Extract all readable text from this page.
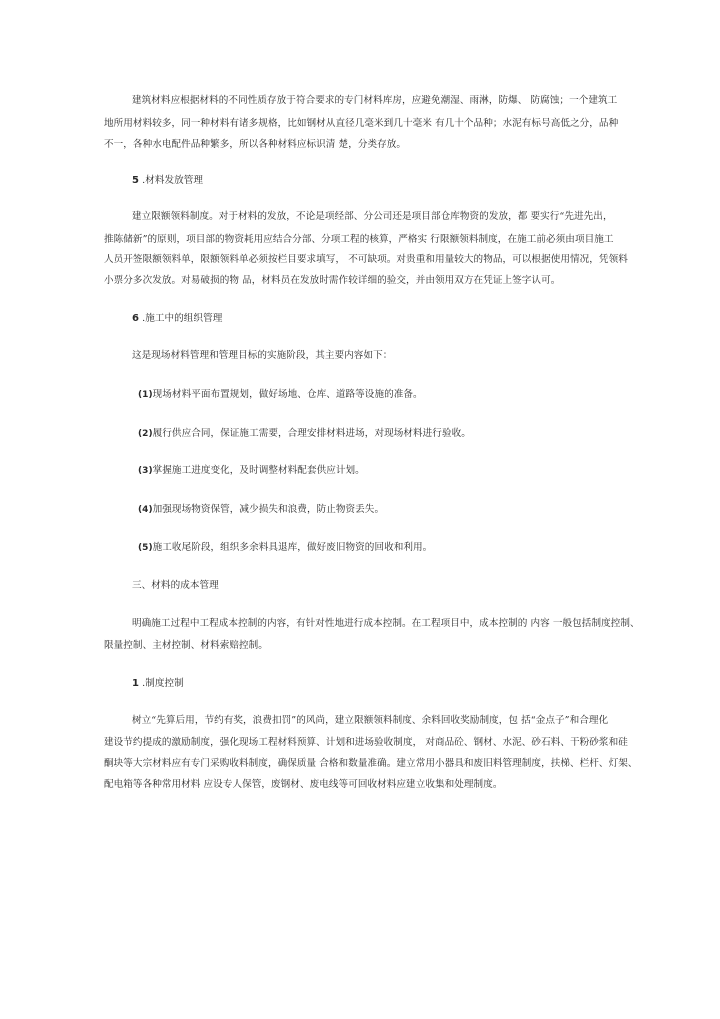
建筑材料应根据材料的不同性质存放于符合要求的专门材料库房，应避免潮湿、雨淋，防爆、 防腐蚀；一个建筑工
地所用材料较多，同一种材料有诸多规格，比如钢材从直径几毫米到几十毫米 有几十个品种；水泥有标号高低之分，品种
不一，各种水电配件品种繁多，所以各种材料应标识清 楚，分类存放。
5 .材料发放管理
建立限额领料制度。对于材料的发放，不论是项经部、分公司还是项目部仓库物资的发放，都 要实行“先进先出，
推陈储新”的原则，项目部的物资耗用应结合分部、分项工程的核算，严格实 行限额领料制度，在施工前必须由项目施工
人员开签限额领料单，限额领料单必须按栏目要求填写， 不可缺项。对贵重和用量较大的物品，可以根据使用情况，凭领料
小票分多次发放。对易破损的物 品，材料员在发放时需作较详细的验交，并由领用双方在凭证上签字认可。
6 .施工中的组织管理
这是现场材料管理和管理目标的实施阶段，其主要内容如下：
(1)现场材料平面布置规划，做好场地、仓库、道路等设施的准备。
(2)履行供应合同，保证施工需要，合理安排材料进场，对现场材料进行验收。
(3)掌握施工进度变化，及时调整材料配套供应计划。
(4)加强现场物资保管，减少损失和浪费，防止物资丢失。
(5)施工收尾阶段，组织多余料具退库，做好废旧物资的回收和利用。
三、材料的成本管理
明确施工过程中工程成本控制的内容，有针对性地进行成本控制。在工程项目中，成本控制的 内容 一般包括制度控制、
限量控制、主材控制、材料索赔控制。
1 .制度控制
树立“先算后用，节约有奖，浪费扣罚”的风尚，建立限额领料制度、余料回收奖励制度，包 括“金点子”和合理化
建设节约提成的激励制度，强化现场工程材料预算、计划和进场验收制度， 对商品砼、钢材、水泥、砂石料、干粉砂浆和硅
酮块等大宗材料应有专门采购收料制度，确保质量 合格和数量准确。建立常用小器具和废旧料管理制度，扶梯、栏杆、灯架、
配电箱等各种常用材料 应设专人保管，废钢材、废电线等可回收材料应建立收集和处理制度。
